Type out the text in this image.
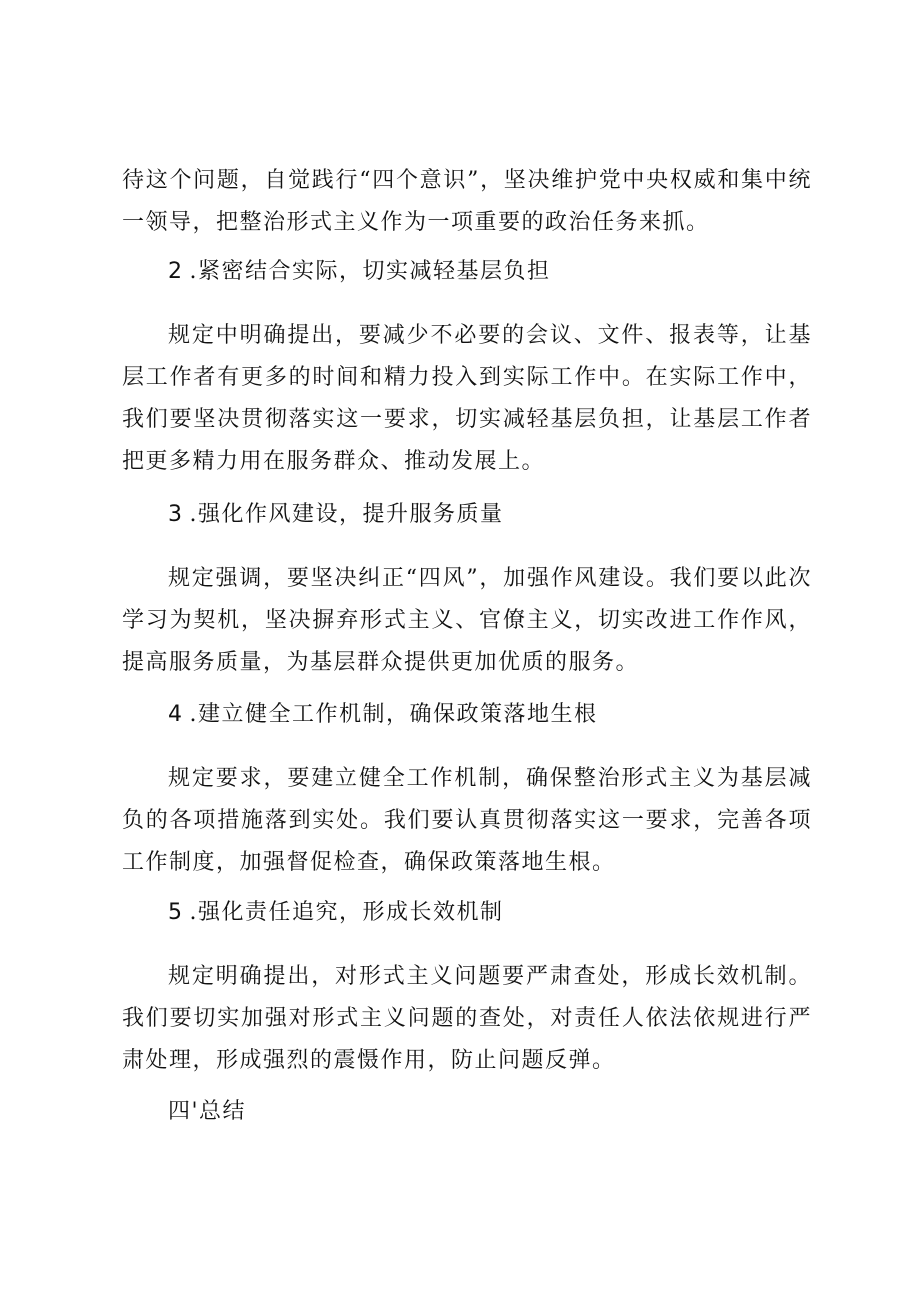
待这个问题，自觉践行“四个意识”，坚决维护党中央权威和集中统一领导，把整治形式主义作为一项重要的政治任务来抓。

2 .紧密结合实际，切实减轻基层负担

规定中明确提出，要减少不必要的会议、文件、报表等，让基层工作者有更多的时间和精力投入到实际工作中。在实际工作中，我们要坚决贯彻落实这一要求，切实减轻基层负担，让基层工作者把更多精力用在服务群众、推动发展上。

3 .强化作风建设，提升服务质量

规定强调，要坚决纠正“四风”，加强作风建设。我们要以此次学习为契机，坚决摒弃形式主义、官僚主义，切实改进工作作风，提高服务质量，为基层群众提供更加优质的服务。

4 .建立健全工作机制，确保政策落地生根

规定要求，要建立健全工作机制，确保整治形式主义为基层减负的各项措施落到实处。我们要认真贯彻落实这一要求，完善各项工作制度，加强督促检查，确保政策落地生根。

5 .强化责任追究，形成长效机制

规定明确提出，对形式主义问题要严肃查处，形成长效机制。我们要切实加强对形式主义问题的查处，对责任人依法依规进行严肃处理，形成强烈的震慑作用，防止问题反弹。

四'总结
